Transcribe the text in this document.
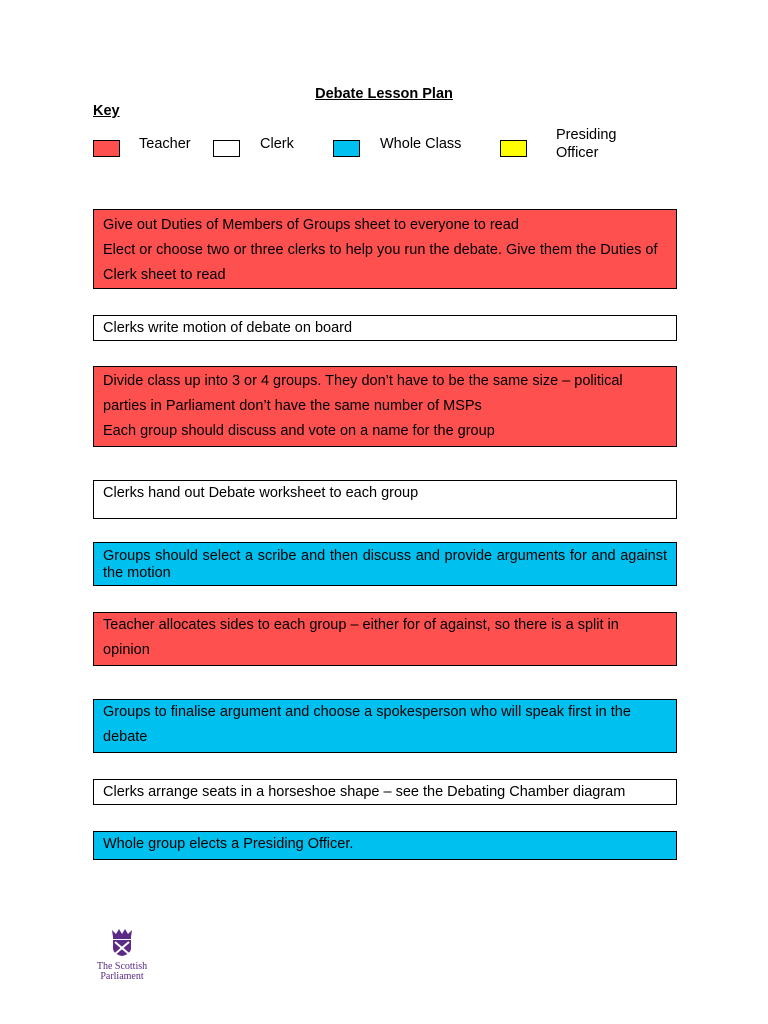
Debate Lesson Plan
Key
Teacher	Clerk	Whole Class
Presiding
Officer

Give out Duties of Members of Groups sheet to everyone to read

Elect or choose two or three clerks to help you run the debate. Give them the Duties of Clerk sheet to read

Clerks write motion of debate on board

Divide class up into 3 or 4 groups. They don’t have to be the same size – political parties in Parliament don’t have the same number of MSPs

Each group should discuss and vote on a name for the group

Clerks hand out Debate worksheet to each group

Groups should select a scribe and then discuss and provide arguments for and against the motion

Teacher allocates sides to each group – either for of against, so there is a split in opinion

Groups to finalise argument and choose a spokesperson who will speak first in the debate

Clerks arrange seats in a horseshoe shape – see the Debating Chamber diagram

Whole group elects a Presiding Officer.

The Scottish
Parliament
